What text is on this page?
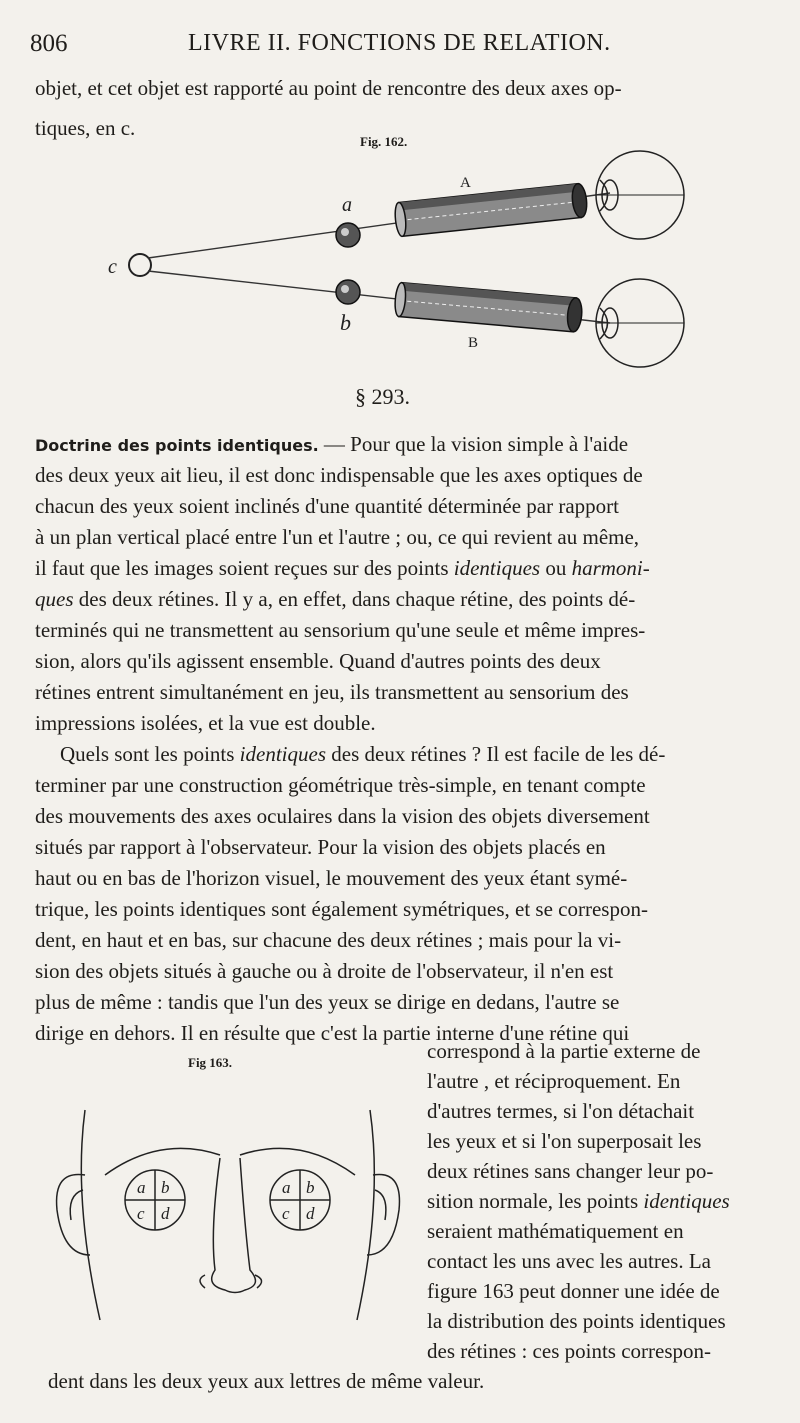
806	LIVRE II. FONCTIONS DE RELATION.
objet, et cet objet est rapporté au point de rencontre des deux axes op-
tiques, en c.
Fig. 162.
c
a
b
A
B
§ 293.
Doctrine des points identiques. — Pour que la vision simple à l'aide
des deux yeux ait lieu, il est donc indispensable que les axes optiques de
chacun des yeux soient inclinés d'une quantité déterminée par rapport
à un plan vertical placé entre l'un et l'autre ; ou, ce qui revient au même,
il faut que les images soient reçues sur des points identiques ou harmoni-
ques des deux rétines. Il y a, en effet, dans chaque rétine, des points dé-
terminés qui ne transmettent au sensorium qu'une seule et même impres-
sion, alors qu'ils agissent ensemble. Quand d'autres points des deux
rétines entrent simultanément en jeu, ils transmettent au sensorium des
impressions isolées, et la vue est double.
Quels sont les points identiques des deux rétines ? Il est facile de les dé-
terminer par une construction géométrique très-simple, en tenant compte
des mouvements des axes oculaires dans la vision des objets diversement
situés par rapport à l'observateur. Pour la vision des objets placés en
haut ou en bas de l'horizon visuel, le mouvement des yeux étant symé-
trique, les points identiques sont également symétriques, et se correspon-
dent, en haut et en bas, sur chacune des deux rétines ; mais pour la vi-
sion des objets situés à gauche ou à droite de l'observateur, il n'en est
plus de même : tandis que l'un des yeux se dirige en dedans, l'autre se
dirige en dehors. Il en résulte que c'est la partie interne d'une rétine qui
Fig 163.
a b
c d
a b
c d
correspond à la partie externe de
l'autre , et réciproquement. En
d'autres termes, si l'on détachait
les yeux et si l'on superposait les
deux rétines sans changer leur po-
sition normale, les points identiques
seraient mathématiquement en
contact les uns avec les autres. La
figure 163 peut donner une idée de
la distribution des points identiques
des rétines : ces points correspon-
dent dans les deux yeux aux lettres de même valeur.
